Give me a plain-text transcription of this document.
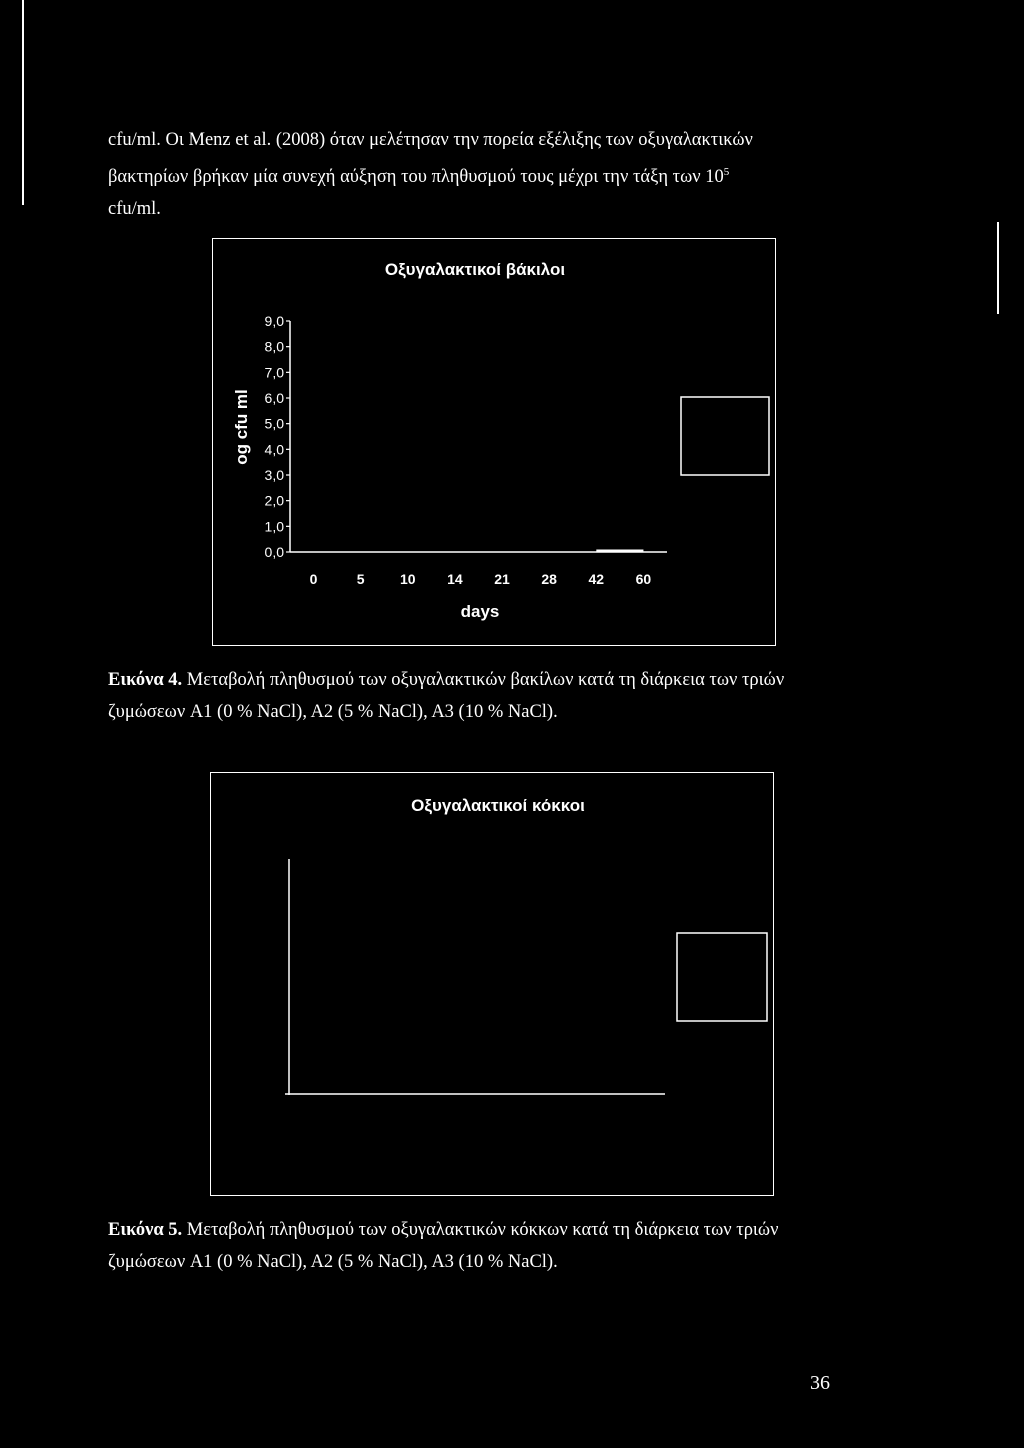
cfu/ml. Οι Menz et al. (2008) όταν μελέτησαν την πορεία εξέλιξης των οξυγαλακτικών
βακτηρίων βρήκαν μία συνεχή αύξηση του πληθυσμού τους μέχρι την τάξη των $10^5$
cfu/ml.

Οξυγαλακτικοί βάκιλοι
og cfu ml
days
9,0
8,0
7,0
6,0
5,0
4,0
3,0
2,0
1,0
0,0
0	5	10 14 21 28 42 60

Εικόνα 4. Μεταβολή πληθυσμού των οξυγαλακτικών βακίλων κατά τη διάρκεια των τριών
ζυμώσεων A1 (0 % NaCl), A2 (5 % NaCl), A3 (10 % NaCl).

Οξυγαλακτικοί κόκκοι

Εικόνα 5. Μεταβολή πληθυσμού των οξυγαλακτικών κόκκων κατά τη διάρκεια των τριών
ζυμώσεων A1 (0 % NaCl), A2 (5 % NaCl), A3 (10 % NaCl).

36
